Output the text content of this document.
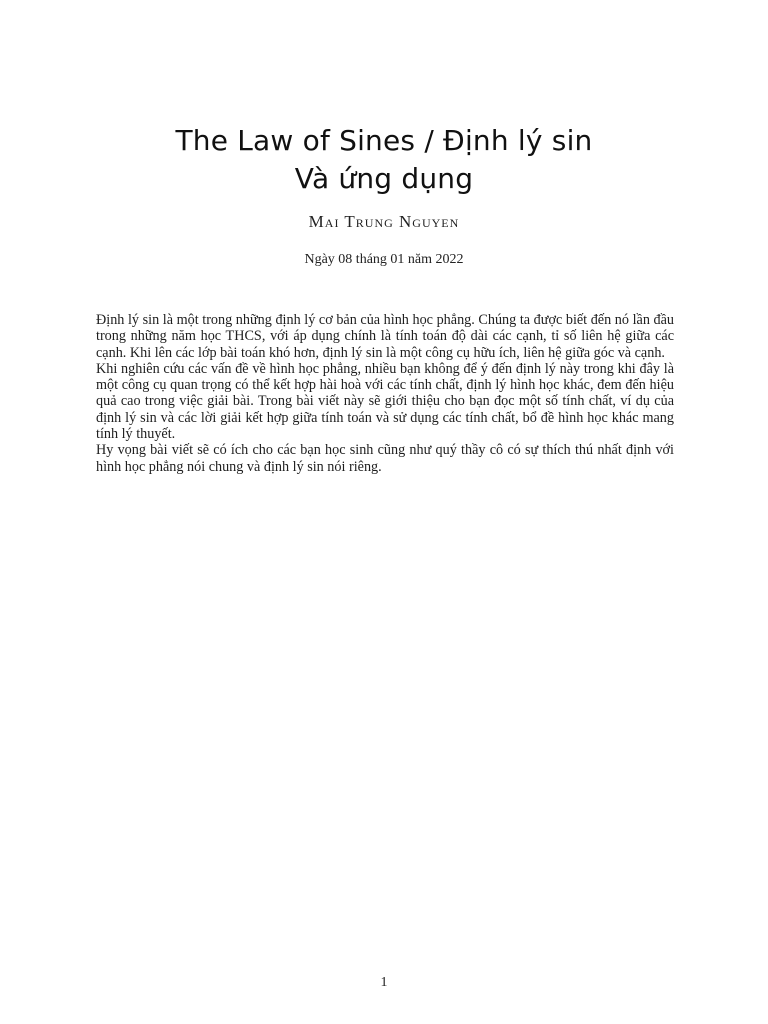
The Law of Sines / Định lý sin
Và ứng dụng
Mai Trung Nguyen
Ngày 08 tháng 01 năm 2022

Định lý sin là một trong những định lý cơ bản của hình học phẳng. Chúng ta được biết đến nó lần đầu trong những năm học THCS, với áp dụng chính là tính toán độ dài các cạnh, tỉ số liên hệ giữa các cạnh. Khi lên các lớp bài toán khó hơn, định lý sin là một công cụ hữu ích, liên hệ giữa góc và cạnh.

Khi nghiên cứu các vấn đề về hình học phẳng, nhiều bạn không để ý đến định lý này trong khi đây là một công cụ quan trọng có thể kết hợp hài hoà với các tính chất, định lý hình học khác, đem đến hiệu quả cao trong việc giải bài. Trong bài viết này sẽ giới thiệu cho bạn đọc một số tính chất, ví dụ của định lý sin và các lời giải kết hợp giữa tính toán và sử dụng các tính chất, bổ đề hình học khác mang tính lý thuyết.

Hy vọng bài viết sẽ có ích cho các bạn học sinh cũng như quý thầy cô có sự thích thú nhất định với hình học phẳng nói chung và định lý sin nói riêng.

1
